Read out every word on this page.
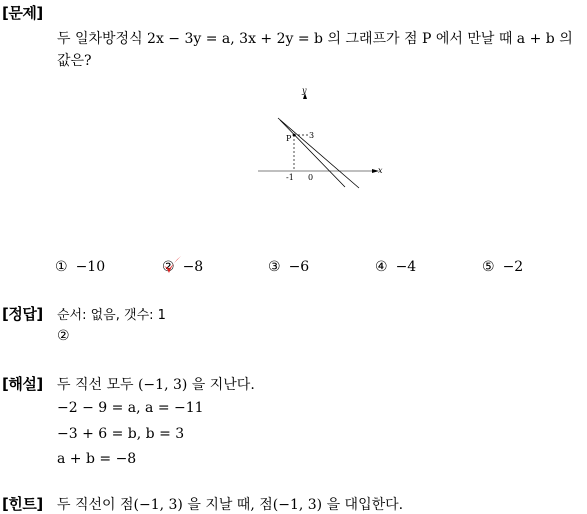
[문제]
두 일차방정식 2x − 3y = a, 3x + 2y = b 의 그래프가 점 P 에서 만날 때 a + b 의
값은?
y
x
P 3
-1 0
① −10	② −8	③ −6	④ −4	⑤ −2
[정답] 순서: 없음, 갯수: 1
②
[해설] 두 직선 모두 (−1, 3) 을 지난다.
−2 − 9 = a, a = −11
−3 + 6 = b, b = 3
a + b = −8
[힌트] 두 직선이 점(−1, 3) 을 지날 때, 점(−1, 3) 을 대입한다.
